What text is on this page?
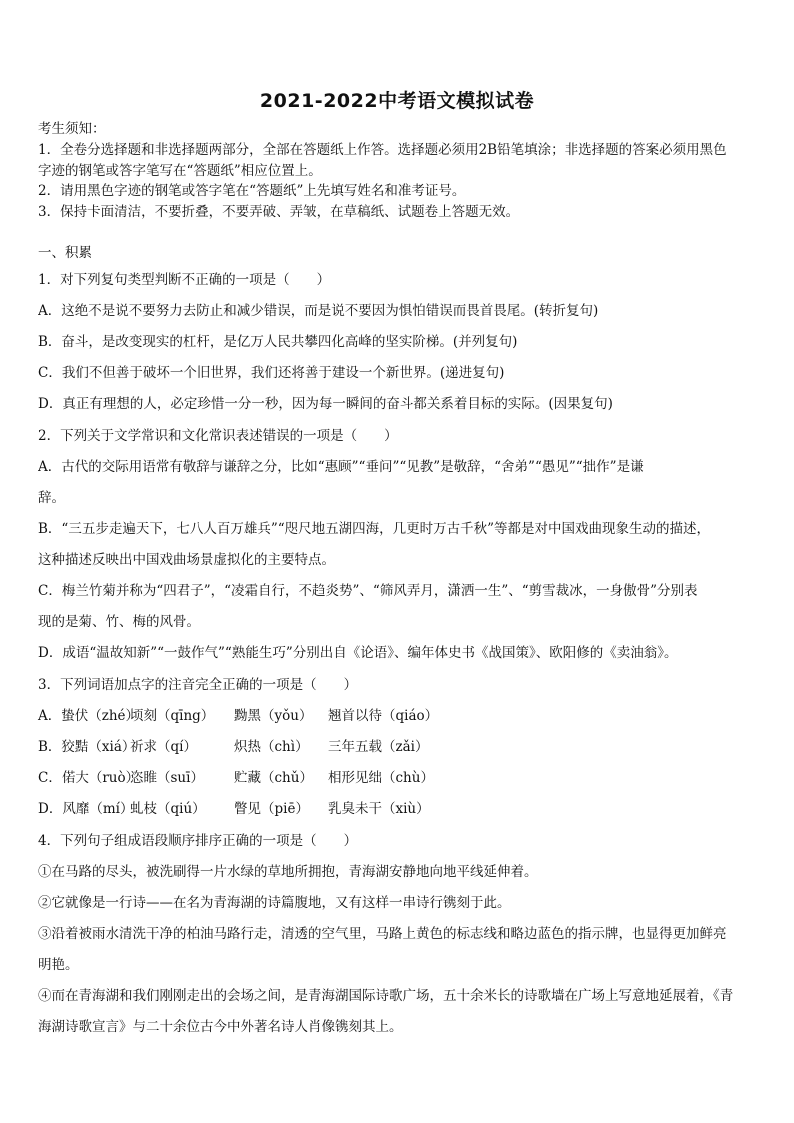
2021-2022中考语文模拟试卷
考生须知：
1．全卷分选择题和非选择题两部分，全部在答题纸上作答。选择题必须用2B铅笔填涂；非选择题的答案必须用黑色
字迹的钢笔或答字笔写在“答题纸”相应位置上。
2．请用黑色字迹的钢笔或答字笔在“答题纸”上先填写姓名和准考证号。
3．保持卡面清洁，不要折叠，不要弄破、弄皱，在草稿纸、试题卷上答题无效。
一、积累
1．对下列复句类型判断不正确的一项是（　　）
A．这绝不是说不要努力去防止和减少错误，而是说不要因为惧怕错误而畏首畏尾。(转折复句)
B．奋斗，是改变现实的杠杆，是亿万人民共攀四化高峰的坚实阶梯。(并列复句)
C．我们不但善于破坏一个旧世界，我们还将善于建设一个新世界。(递进复句)
D．真正有理想的人，必定珍惜一分一秒，因为每一瞬间的奋斗都关系着目标的实际。(因果复句)
2．下列关于文学常识和文化常识表述错误的一项是（　　）
A．古代的交际用语常有敬辞与谦辞之分，比如“惠顾”“垂问”“见教”是敬辞，“舍弟”“愚见”“拙作”是谦
辞。
B．“三五步走遍天下，七八人百万雄兵”“咫尺地五湖四海，几更时万古千秋”等都是对中国戏曲现象生动的描述，
这种描述反映出中国戏曲场景虚拟化的主要特点。
C．梅兰竹菊并称为“四君子”，“凌霜自行，不趋炎势”、“筛风弄月，潇洒一生”、“剪雪裁冰，一身傲骨”分别表
现的是菊、竹、梅的风骨。
D．成语“温故知新”“一鼓作气”“熟能生巧”分别出自《论语》、编年体史书《战国策》、欧阳修的《卖油翁》。
3．下列词语加点字的注音完全正确的一项是（　　）
A．蛰伏（zhé）顷刻（qīng） 黝黑（yǒu） 翘首以待（qiáo）
B．狡黠（xiá）祈求（qí）	炽热（chì） 三年五载（zǎi）
C．偌大（ruò）恣睢（suī） 贮藏（chǔ） 相形见绌（chù）
D．风靡（mí）虬枝（qiú） 瞥见（piē） 乳臭未干（xiù）
4．下列句子组成语段顺序排序正确的一项是（　　）
①在马路的尽头，被洗刷得一片水绿的草地所拥抱，青海湖安静地向地平线延伸着。
②它就像是一行诗——在名为青海湖的诗篇腹地，又有这样一串诗行镌刻于此。
③沿着被雨水清洗干净的柏油马路行走，清透的空气里，马路上黄色的标志线和略边蓝色的指示牌，也显得更加鲜亮
明艳。
④而在青海湖和我们刚刚走出的会场之间，是青海湖国际诗歌广场，五十余米长的诗歌墙在广场上写意地延展着，《青
海湖诗歌宣言》与二十余位古今中外著名诗人肖像镌刻其上。
